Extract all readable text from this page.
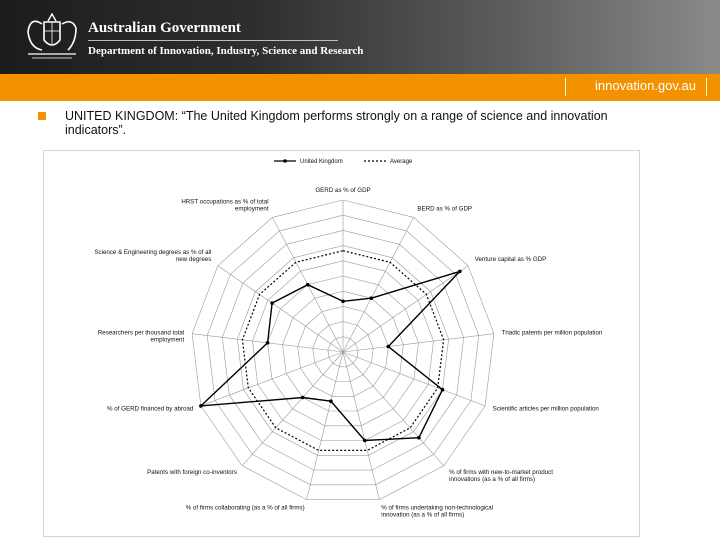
Australian Government
Department of Innovation, Industry, Science and Research
innovation.gov.au
UNITED KINGDOM: “The United Kingdom performs strongly on a range of science and innovation indicators”.
GERD as % of GDP
BERD as % of GDP
Venture capital as % GDP
Triadic patents per million population
Scientific articles per million population
% of firms with new-to-market product
innovations (as a % of all firms)
% of firms undertaking non-technological
innovation (as a % of all firms)
% of firms collaborating (as a % of all firms)
Patents with foreign co-inventors
% of GERD financed by abroad
Researchers per thousand total
employment
Science & Engineering degrees as % of all
new degrees
HRST occupations as % of total
employment
United Kingdom	Average
